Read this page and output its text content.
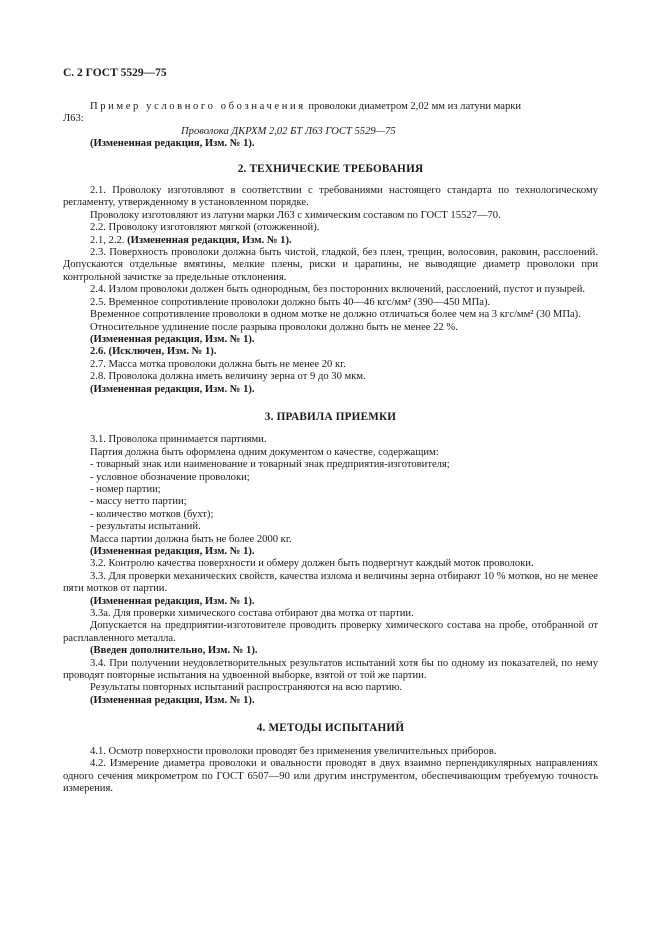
С. 2 ГОСТ 5529—75

Пример условного обозначения проволоки диаметром 2,02 мм из латуни марки

Л63:

Проволока ДКРХМ 2,02 БТ Л63 ГОСТ 5529—75

(Измененная редакция, Изм. № 1).

2. ТЕХНИЧЕСКИЕ ТРЕБОВАНИЯ

2.1. Проволоку изготовляют в соответствии с требованиями настоящего стандарта по технологическому регламенту, утвержденному в установленном порядке.

Проволоку изготовляют из латуни марки Л63 с химическим составом по ГОСТ 15527—70.

2.2. Проволоку изготовляют мягкой (отожженной).

2.1, 2.2. (Измененная редакция, Изм. № 1).

2.3. Поверхность проволоки должна быть чистой, гладкой, без плен, трещин, волосовин, раковин, расслоений. Допускаются отдельные вмятины, мелкие плены, риски и царапины, не выводящие диаметр проволоки при контрольной зачистке за предельные отклонения.

2.4. Излом проволоки должен быть однородным, без посторонних включений, расслоений, пустот и пузырей.

2.5. Временное сопротивление проволоки должно быть 40—46 кгс/мм² (390—450 МПа).

Временное сопротивление проволоки в одном мотке не должно отличаться более чем на 3 кгс/мм² (30 МПа).

Относительное удлинение после разрыва проволоки должно быть не менее 22 %.

(Измененная редакция, Изм. № 1).

2.6. (Исключен, Изм. № 1).

2.7. Масса мотка проволоки должна быть не менее 20 кг.

2.8. Проволока должна иметь величину зерна от 9 до 30 мкм.

(Измененная редакция, Изм. № 1).

3. ПРАВИЛА ПРИЕМКИ

3.1. Проволока принимается партиями.

Партия должна быть оформлена одним документом о качестве, содержащим:

- товарный знак или наименование и товарный знак предприятия-изготовителя;

- условное обозначение проволоки;

- номер партии;

- массу нетто партии;

- количество мотков (бухт);

- результаты испытаний.

Масса партии должна быть не более 2000 кг.

(Измененная редакция, Изм. № 1).

3.2. Контролю качества поверхности и обмеру должен быть подвергнут каждый моток проволоки.

3.3. Для проверки механических свойств, качества излома и величины зерна отбирают 10 % мотков, но не менее пяти мотков от партии.

(Измененная редакция, Изм. № 1).

3.3а. Для проверки химического состава отбирают два мотка от партии.

Допускается на предприятии-изготовителе проводить проверку химического состава на пробе, отобранной от расплавленного металла.

(Введен дополнительно, Изм. № 1).

3.4. При получении неудовлетворительных результатов испытаний хотя бы по одному из показателей, по нему проводят повторные испытания на удвоенной выборке, взятой от той же партии.

Результаты повторных испытаний распространяются на всю партию.

(Измененная редакция, Изм. № 1).

4. МЕТОДЫ ИСПЫТАНИЙ

4.1. Осмотр поверхности проволоки проводят без применения увеличительных приборов.

4.2. Измерение диаметра проволоки и овальности проводят в двух взаимно перпендикулярных направлениях одного сечения микрометром по ГОСТ 6507—90 или другим инструментом, обеспечивающим требуемую точность измерения.
